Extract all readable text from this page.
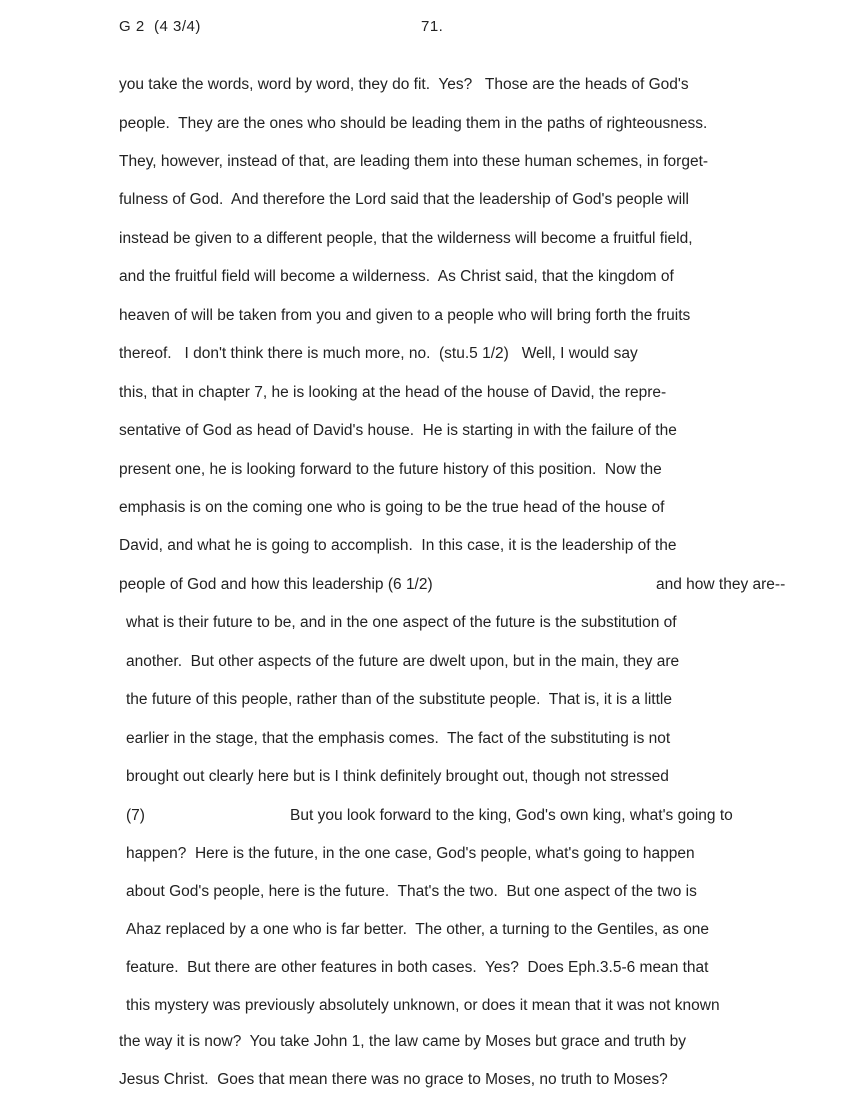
G 2  (4 3/4)	71.
you take the words, word by word, they do fit.  Yes?   Those are the heads of God's
people.  They are the ones who should be leading them in the paths of righteousness.
They, however, instead of that, are leading them into these human schemes, in forget-
fulness of God.  And therefore the Lord said that the leadership of God's people will
instead be given to a different people, that the wilderness will become a fruitful field,
and the fruitful field will become a wilderness.  As Christ said, that the kingdom of
heaven of will be taken from you and given to a people who will bring forth the fruits
thereof.   I don't think there is much more, no.  (stu.5 1/2)   Well, I would say
this, that in chapter 7, he is looking at the head of the house of David, the repre-
sentative of God as head of David's house.  He is starting in with the failure of the
present one, he is looking forward to the future history of this position.  Now the
emphasis is on the coming one who is going to be the true head of the house of
David, and what he is going to accomplish.  In this case, it is the leadership of the
people of God and how this leadership (6 1/2)	and how they are--
what is their future to be, and in the one aspect of the future is the substitution of
another.  But other aspects of the future are dwelt upon, but in the main, they are
the future of this people, rather than of the substitute people.  That is, it is a little
earlier in the stage, that the emphasis comes.  The fact of the substituting is not
brought out clearly here but is I think definitely brought out, though not stressed
(7)	But you look forward to the king, God's own king, what's going to
happen?  Here is the future, in the one case, God's people, what's going to happen
about God's people, here is the future.  That's the two.  But one aspect of the two is
Ahaz replaced by a one who is far better.  The other, a turning to the Gentiles, as one
feature.  But there are other features in both cases.  Yes?  Does Eph.3.5-6 mean that
this mystery was previously absolutely unknown, or does it mean that it was not known
the way it is now?  You take John 1, the law came by Moses but grace and truth by
Jesus Christ.  Goes that mean there was no grace to Moses, no truth to Moses?
